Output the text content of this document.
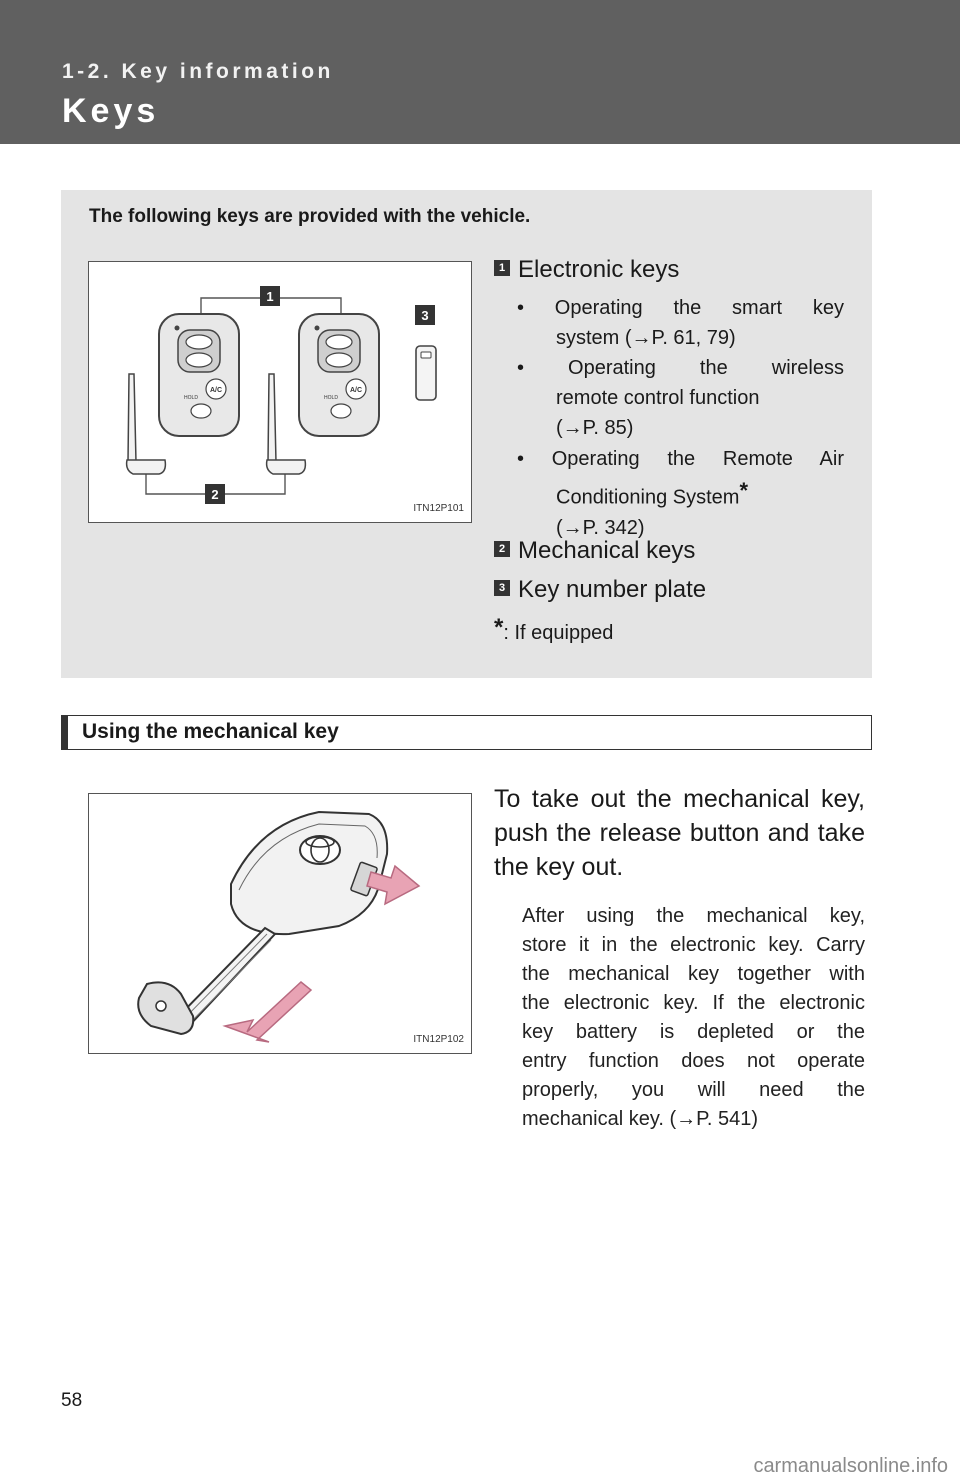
1-2. Key information
Keys
The following keys are provided with the vehicle.
1
2
3
A/C
HOLD
A/C
HOLD
ITN12P101
1 Electronic keys
• Operating the smart key
system (→P. 61, 79)
• Operating the wireless
remote control function
(→P. 85)
• Operating the Remote Air
Conditioning System*
(→P. 342)
2 Mechanical keys
3 Key number plate
*: If equipped
Using the mechanical key
ITN12P102
To take out the mechanical key,
push the release button and take
the key out.
After using the mechanical key,
store it in the electronic key. Carry
the mechanical key together with
the electronic key. If the electronic
key battery is depleted or the
entry function does not operate
properly, you will need the
mechanical key. (→P. 541)
58
carmanualsonline.info
